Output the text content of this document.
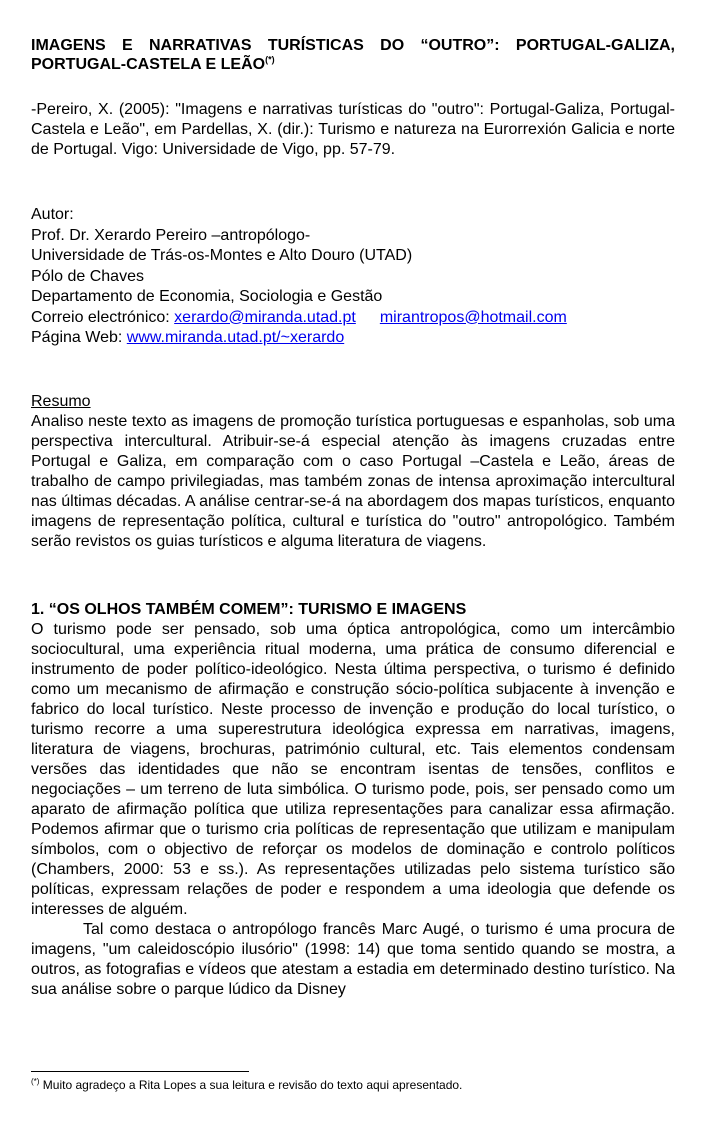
IMAGENS E NARRATIVAS TURÍSTICAS DO “OUTRO”: PORTUGAL-GALIZA, PORTUGAL-CASTELA E LEÃO(*)

-Pereiro, X. (2005): "Imagens e narrativas turísticas do "outro": Portugal-Galiza, Portugal-Castela e Leão", em Pardellas, X. (dir.): Turismo e natureza na Eurorrexión Galicia e norte de Portugal. Vigo: Universidade de Vigo, pp. 57-79.

Autor:
Prof. Dr. Xerardo Pereiro –antropólogo-
Universidade de Trás-os-Montes e Alto Douro (UTAD)
Pólo de Chaves
Departamento de Economia, Sociologia e Gestão
Correio electrónico: xerardo@miranda.utad.pt mirantropos@hotmail.com
Página Web: www.miranda.utad.pt/~xerardo
Resumo

Analiso neste texto as imagens de promoção turística portuguesas e espanholas, sob uma perspectiva intercultural. Atribuir-se-á especial atenção às imagens cruzadas entre Portugal e Galiza, em comparação com o caso Portugal –Castela e Leão, áreas de trabalho de campo privilegiadas, mas também zonas de intensa aproximação intercultural nas últimas décadas. A análise centrar-se-á na abordagem dos mapas turísticos, enquanto imagens de representação política, cultural e turística do "outro" antropológico. Também serão revistos os guias turísticos e alguma literatura de viagens.

1. “OS OLHOS TAMBÉM COMEM”: TURISMO E IMAGENS

O turismo pode ser pensado, sob uma óptica antropológica, como um intercâmbio sociocultural, uma experiência ritual moderna, uma prática de consumo diferencial e instrumento de poder político-ideológico. Nesta última perspectiva, o turismo é definido como um mecanismo de afirmação e construção sócio-política subjacente à invenção e fabrico do local turístico. Neste processo de invenção e produção do local turístico, o turismo recorre a uma superestrutura ideológica expressa em narrativas, imagens, literatura de viagens, brochuras, património cultural, etc. Tais elementos condensam versões das identidades que não se encontram isentas de tensões, conflitos e negociações – um terreno de luta simbólica. O turismo pode, pois, ser pensado como um aparato de afirmação política que utiliza representações para canalizar essa afirmação. Podemos afirmar que o turismo cria políticas de representação que utilizam e manipulam símbolos, com o objectivo de reforçar os modelos de dominação e controlo políticos (Chambers, 2000: 53 e ss.). As representações utilizadas pelo sistema turístico são políticas, expressam relações de poder e respondem a uma ideologia que defende os interesses de alguém.

Tal como destaca o antropólogo francês Marc Augé, o turismo é uma procura de imagens, "um caleidoscópio ilusório" (1998: 14) que toma sentido quando se mostra, a outros, as fotografias e vídeos que atestam a estadia em determinado destino turístico. Na sua análise sobre o parque lúdico da Disney

(*) Muito agradeço a Rita Lopes a sua leitura e revisão do texto aqui apresentado.
